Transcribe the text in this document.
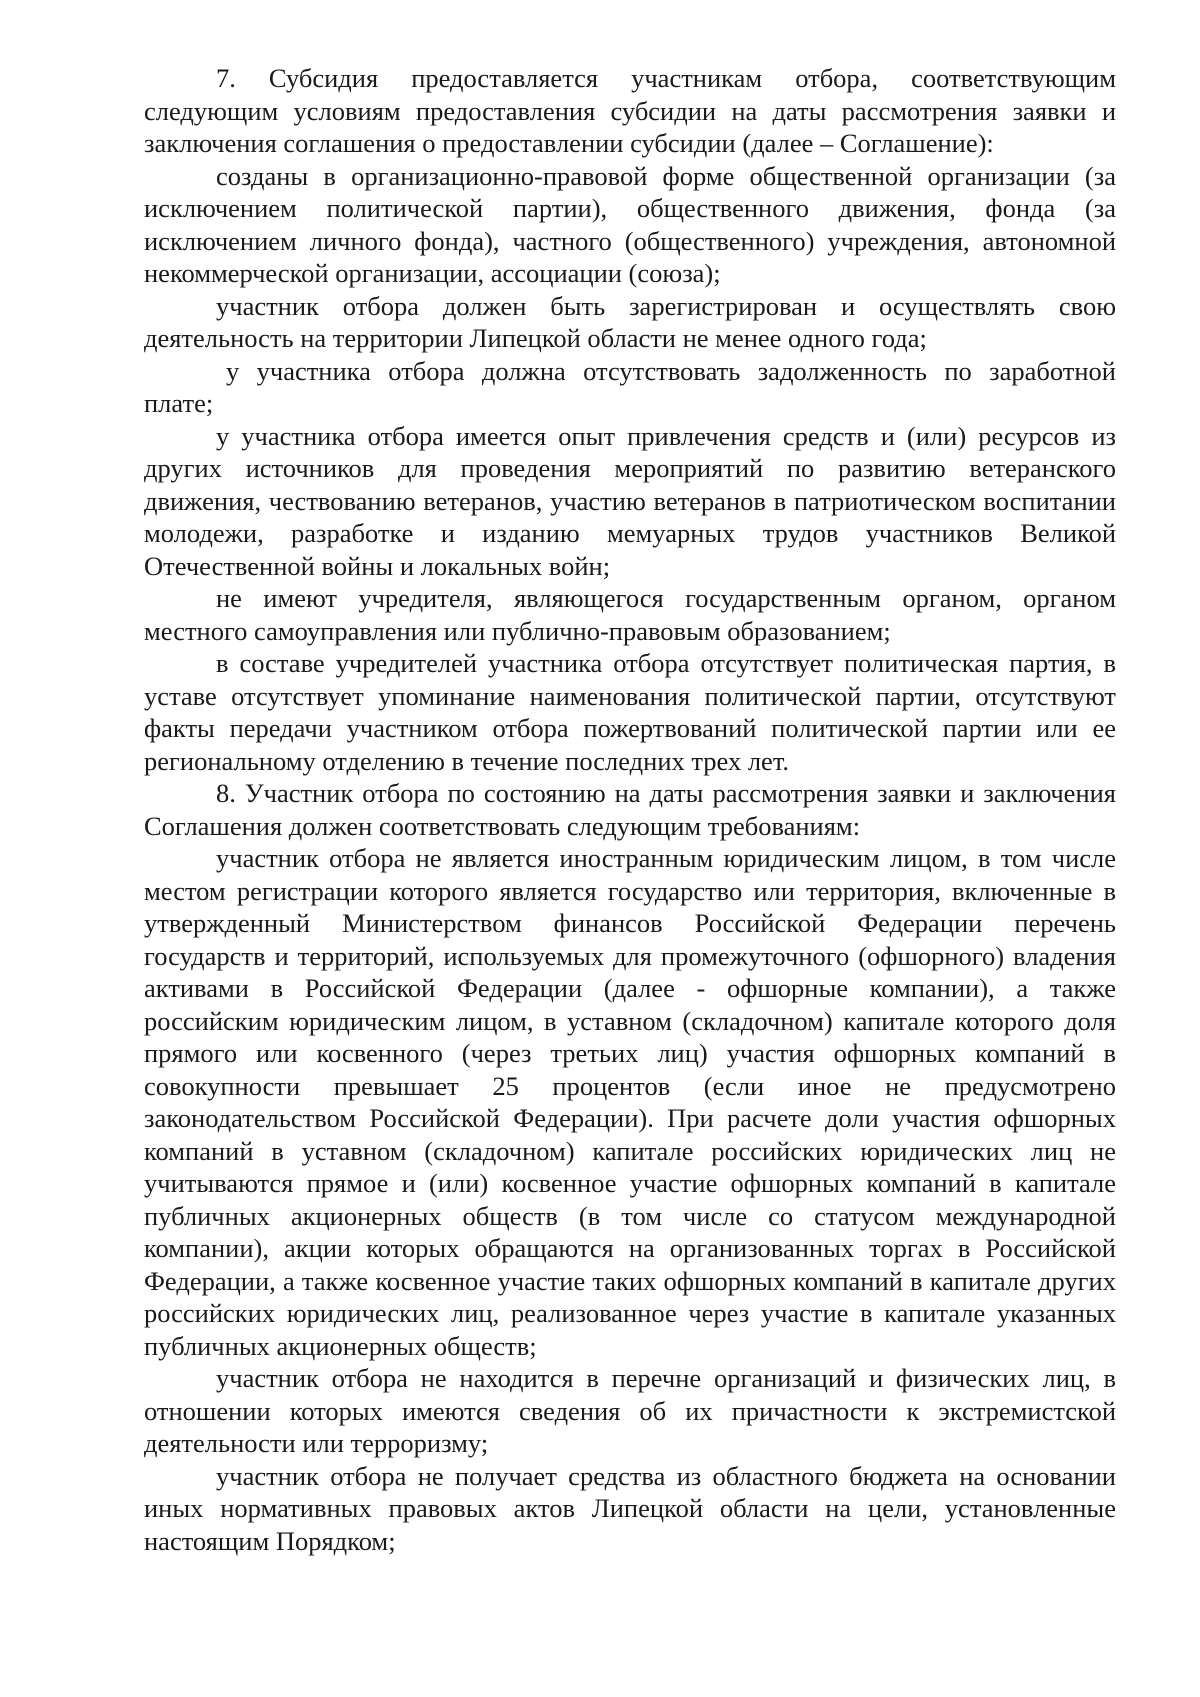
7. Субсидия предоставляется участникам отбора, соответствующим следующим условиям предоставления субсидии на даты рассмотрения заявки и заключения соглашения о предоставлении субсидии (далее – Соглашение):

созданы в организационно-правовой форме общественной организации (за исключением политической партии), общественного движения, фонда (за исключением личного фонда), частного (общественного) учреждения, автономной некоммерческой организации, ассоциации (союза);

участник отбора должен быть зарегистрирован и осуществлять свою деятельность на территории Липецкой области не менее одного года;

у участника отбора должна отсутствовать задолженность по заработной плате;

у участника отбора имеется опыт привлечения средств и (или) ресурсов из других источников для проведения мероприятий по развитию ветеранского движения, чествованию ветеранов, участию ветеранов в патриотическом воспитании молодежи, разработке и изданию мемуарных трудов участников Великой Отечественной войны и локальных войн;

не имеют учредителя, являющегося государственным органом, органом местного самоуправления или публично-правовым образованием;

в составе учредителей участника отбора отсутствует политическая партия, в уставе отсутствует упоминание наименования политической партии, отсутствуют факты передачи участником отбора пожертвований политической партии или ее региональному отделению в течение последних трех лет.

8. Участник отбора по состоянию на даты рассмотрения заявки и заключения Соглашения должен соответствовать следующим требованиям:

участник отбора не является иностранным юридическим лицом, в том числе местом регистрации которого является государство или территория, включенные в утвержденный Министерством финансов Российской Федерации перечень государств и территорий, используемых для промежуточного (офшорного) владения активами в Российской Федерации (далее - офшорные компании), а также российским юридическим лицом, в уставном (складочном) капитале которого доля прямого или косвенного (через третьих лиц) участия офшорных компаний в совокупности превышает 25 процентов (если иное не предусмотрено законодательством Российской Федерации). При расчете доли участия офшорных компаний в уставном (складочном) капитале российских юридических лиц не учитываются прямое и (или) косвенное участие офшорных компаний в капитале публичных акционерных обществ (в том числе со статусом международной компании), акции которых обращаются на организованных торгах в Российской Федерации, а также косвенное участие таких офшорных компаний в капитале других российских юридических лиц, реализованное через участие в капитале указанных публичных акционерных обществ;

участник отбора не находится в перечне организаций и физических лиц, в отношении которых имеются сведения об их причастности к экстремистской деятельности или терроризму;

участник отбора не получает средства из областного бюджета на основании иных нормативных правовых актов Липецкой области на цели, установленные настоящим Порядком;
